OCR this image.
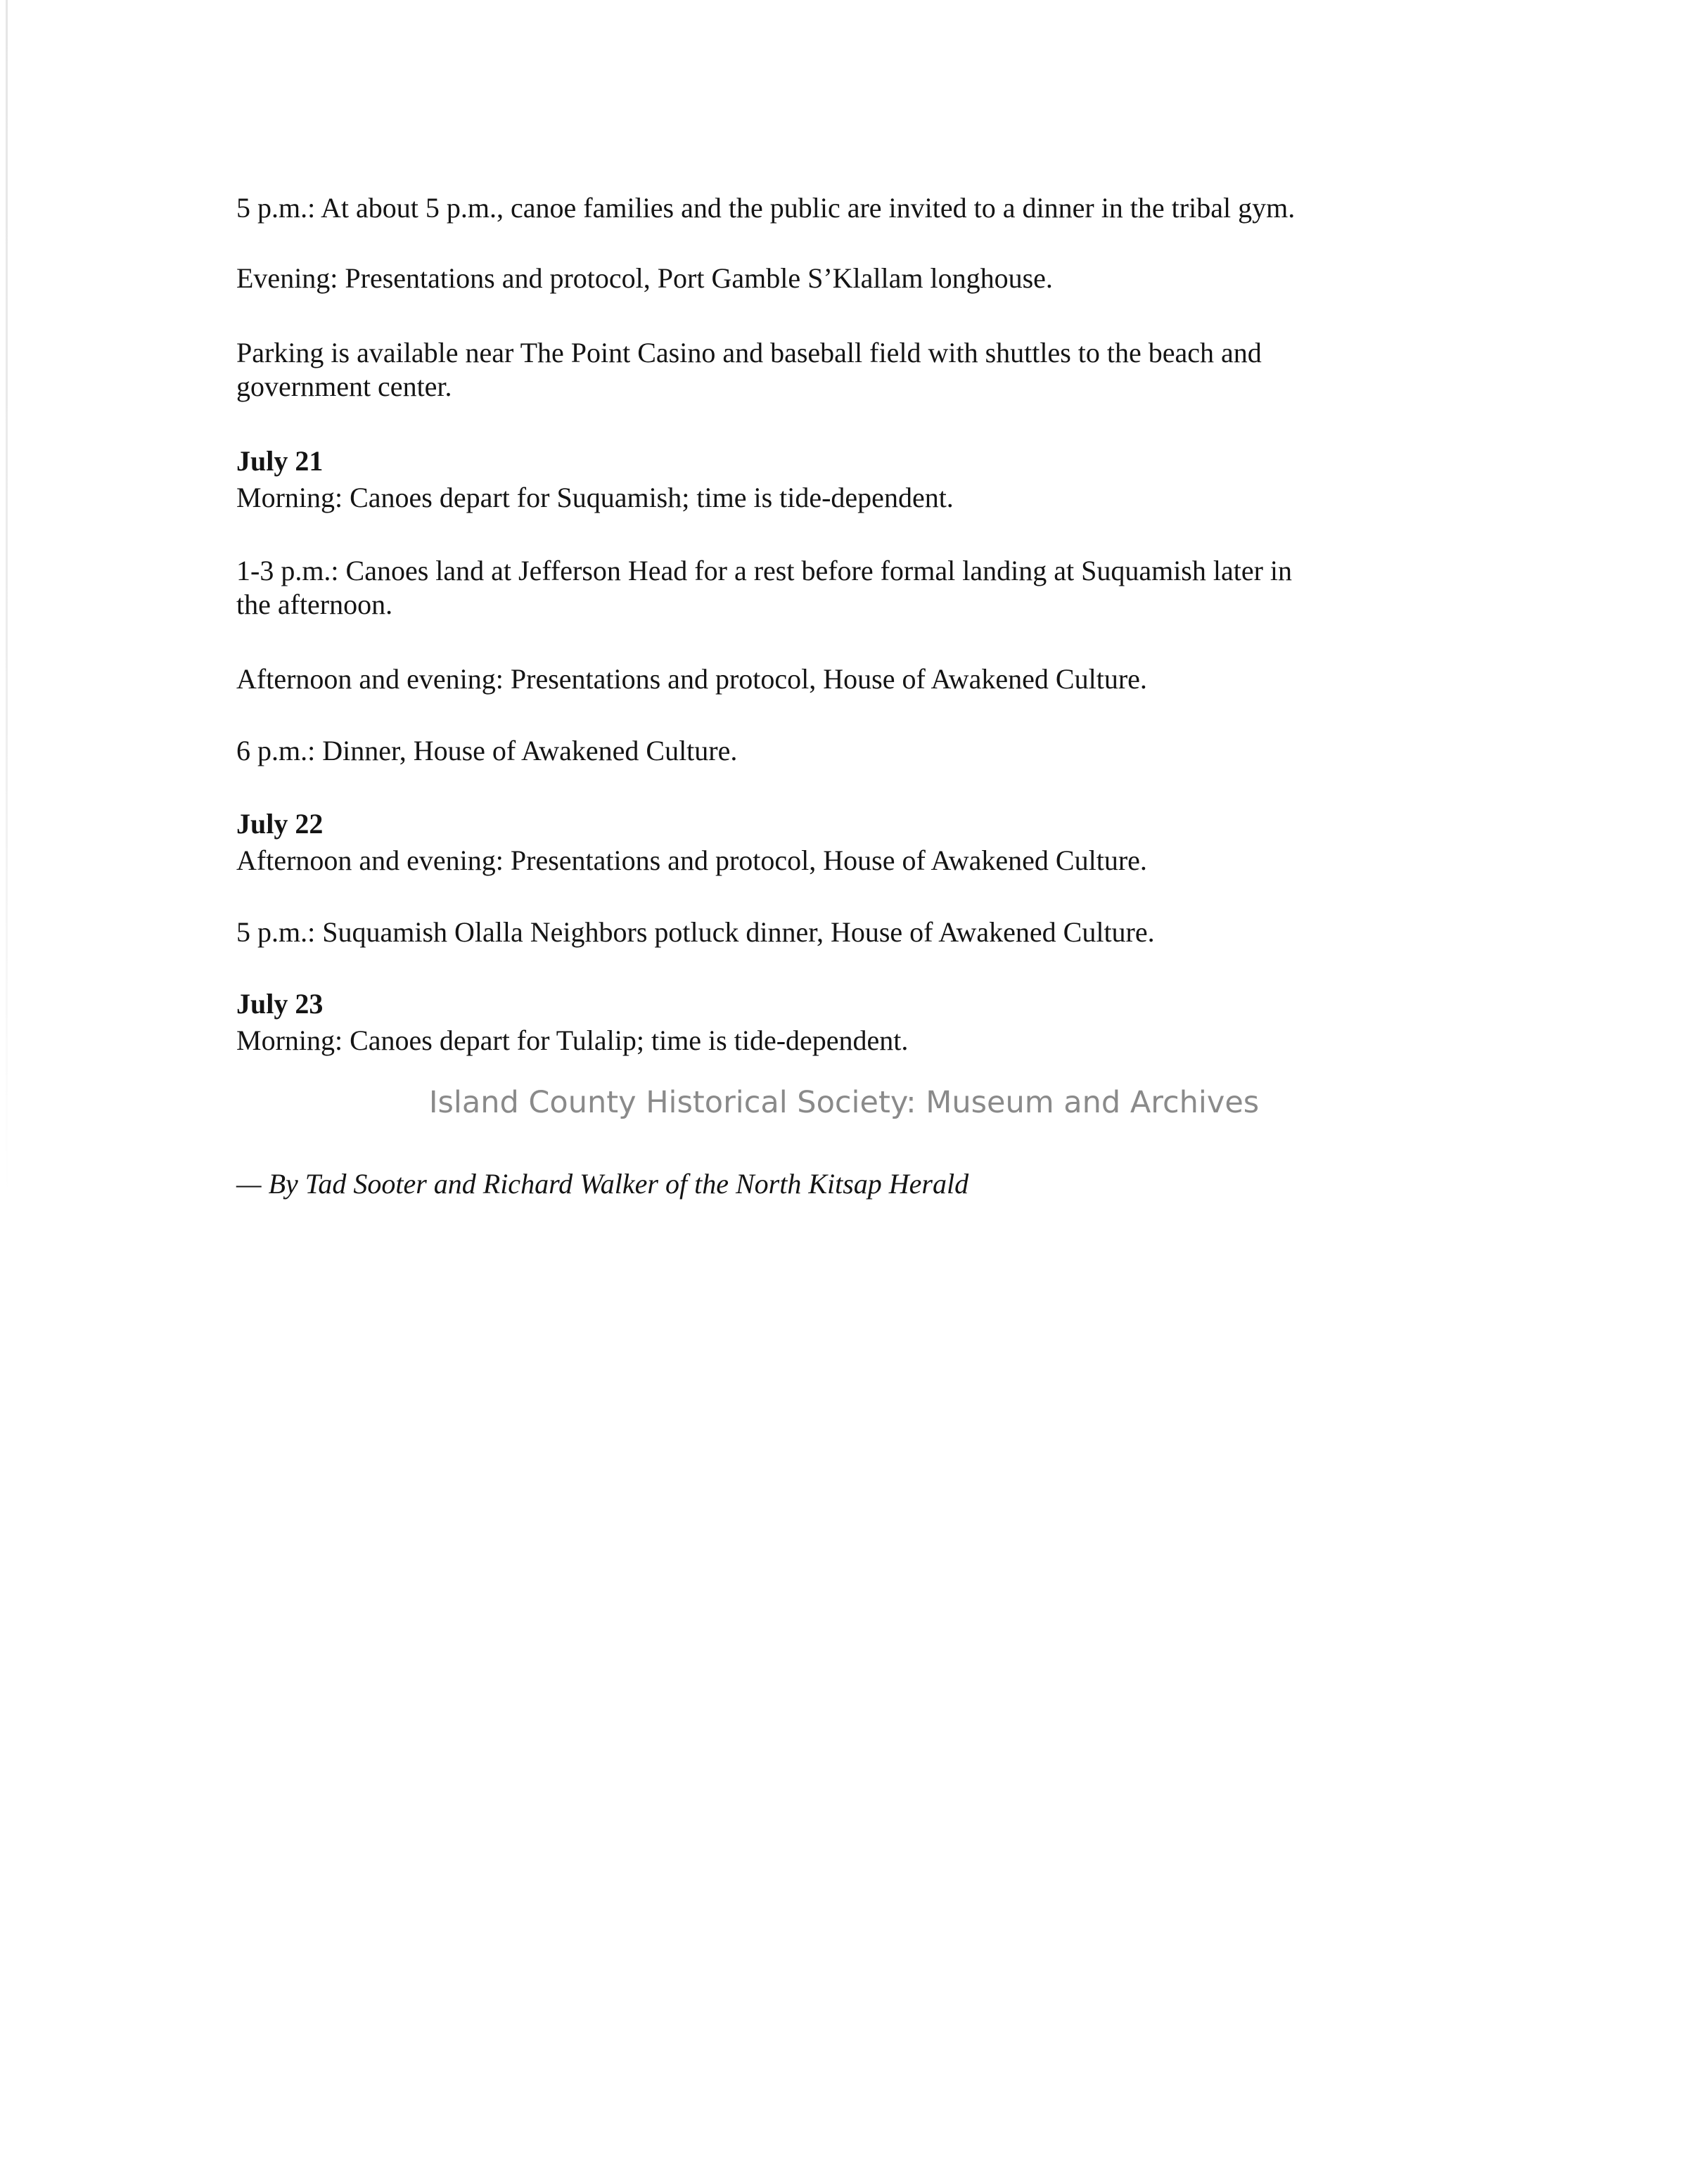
5 p.m.: At about 5 p.m., canoe families and the public are invited to a dinner in the tribal gym.

Evening: Presentations and protocol, Port Gamble S’Klallam longhouse.

Parking is available near The Point Casino and baseball field with shuttles to the beach and

government center.

July 21

Morning: Canoes depart for Suquamish; time is tide-dependent.

1-3 p.m.: Canoes land at Jefferson Head for a rest before formal landing at Suquamish later in

the afternoon.

Afternoon and evening: Presentations and protocol, House of Awakened Culture.

6 p.m.: Dinner, House of Awakened Culture.

July 22

Afternoon and evening: Presentations and protocol, House of Awakened Culture.

5 p.m.: Suquamish Olalla Neighbors potluck dinner, House of Awakened Culture.

July 23

Morning: Canoes depart for Tulalip; time is tide-dependent.

Island County Historical Society: Museum and Archives

— By Tad Sooter and Richard Walker of the North Kitsap Herald
